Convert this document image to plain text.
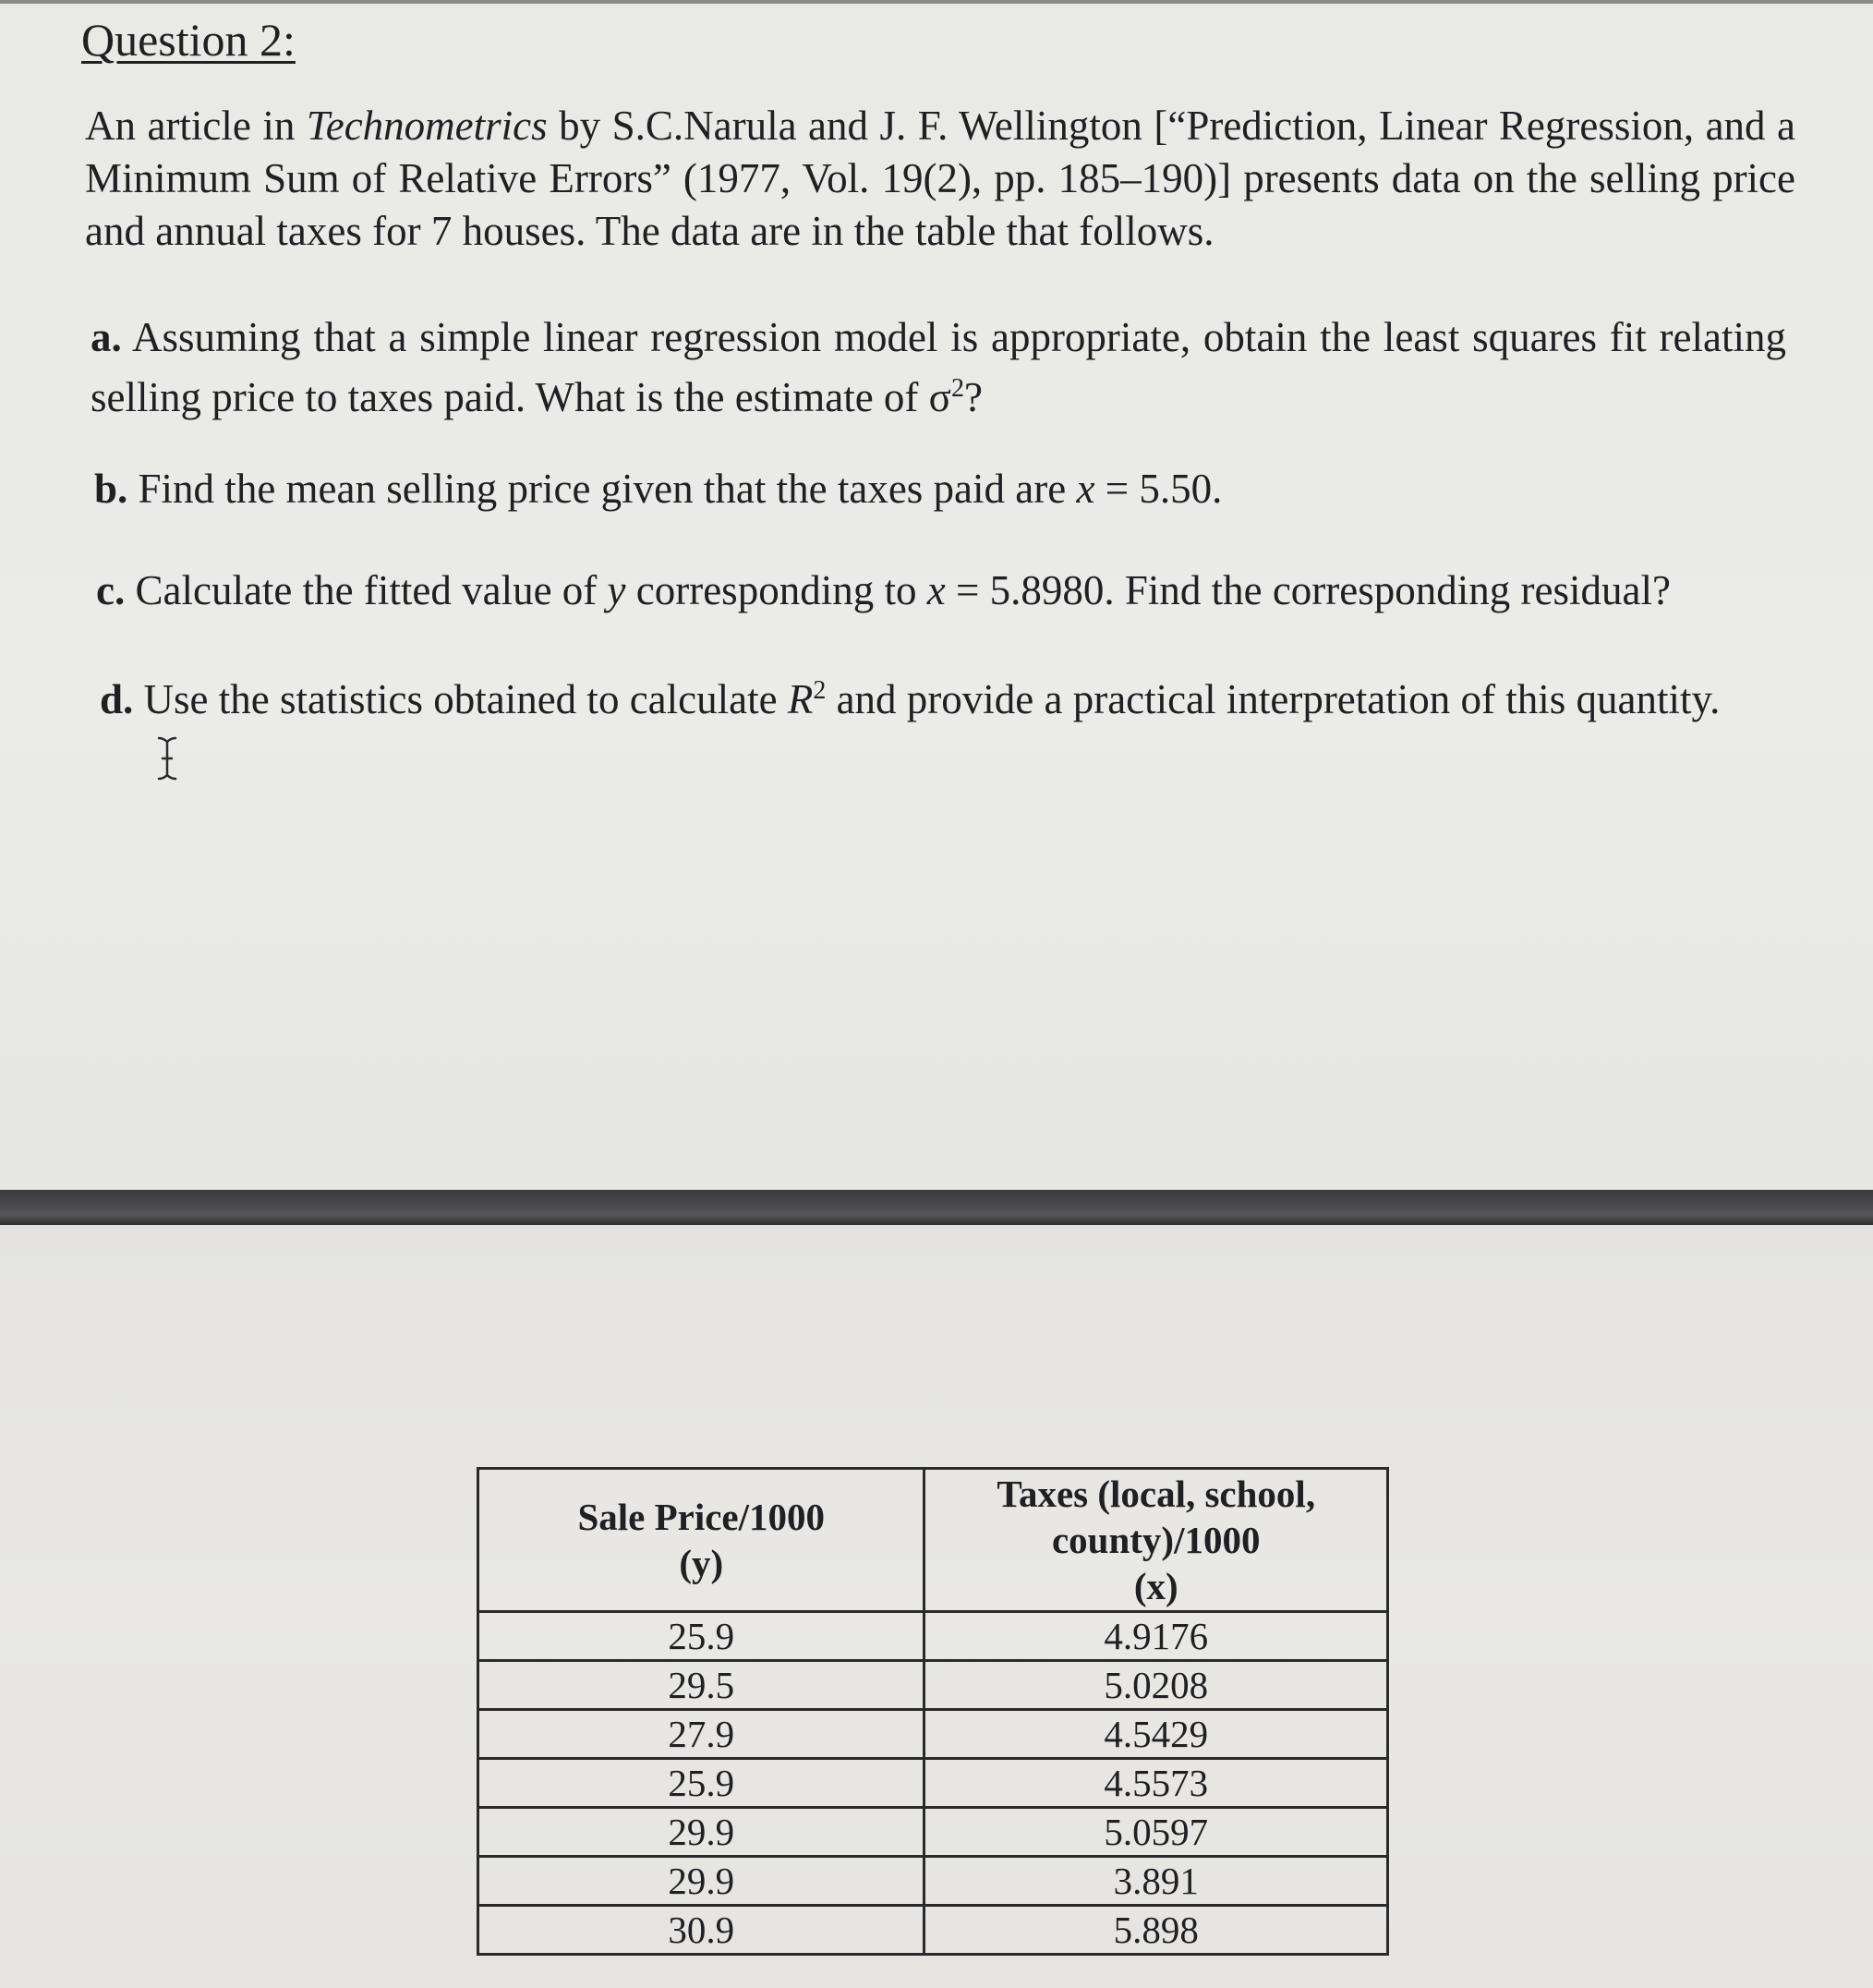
Question 2:

An article in Technometrics by S.C.Narula and J. F. Wellington [“Prediction, Linear Regression, and a Minimum Sum of Relative Errors” (1977, Vol. 19(2), pp. 185–190)] presents data on the selling price and annual taxes for 7 houses. The data are in the table that follows.

a. Assuming that a simple linear regression model is appropriate, obtain the least squares fit relating selling price to taxes paid. What is the estimate of $\sigma^2$?

b. Find the mean selling price given that the taxes paid are x = 5.50.

c. Calculate the fitted value of y corresponding to x = 5.8980. Find the corresponding residual?

d. Use the statistics obtained to calculate $R^2$ and provide a practical interpretation of this quantity.

Sale Price/1000
(y)	Taxes (local, school,
county)/1000
(x)

25.9	4.9176
29.5	5.0208
27.9	4.5429
25.9	4.5573
29.9	5.0597
29.9	3.891
30.9	5.898
